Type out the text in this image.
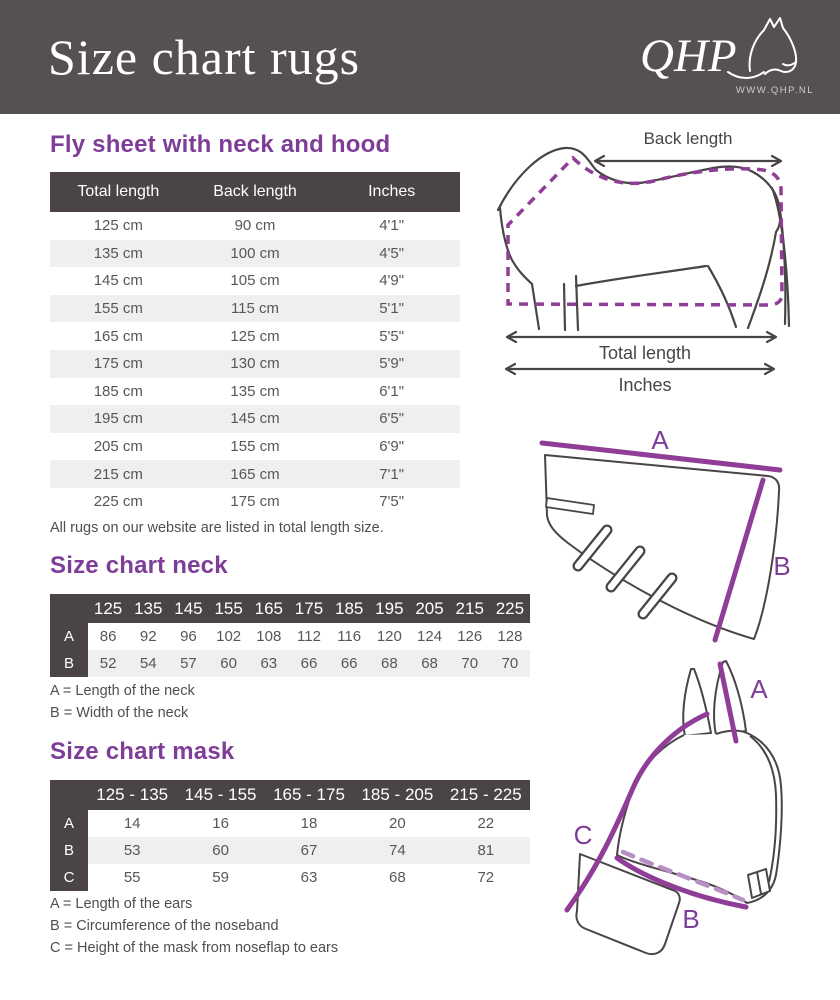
Size chart rugs	QHP
WWW.QHP.NL
Fly sheet with neck and hood
Total length	Back length	Inches
125 cm	90 cm	4'1"
135 cm	100 cm	4'5"
145 cm	105 cm	4'9"
155 cm	115 cm	5'1"
165 cm	125 cm	5'5"
175 cm	130 cm	5'9"
185 cm	135 cm	6'1"
195 cm	145 cm	6'5"
205 cm	155 cm	6'9"
215 cm	165 cm	7'1"
225 cm	175 cm	7'5"
All rugs on our website are listed in total length size.
Size chart neck
125 135 145 155 165 175 185 195 205 215 225
A	86	92	96	102	108	112	116	120	124	126	128
B	52	54	57	60	63	66	66	68	68	70	70
A = Length of the neck
B = Width of the neck
Size chart mask
125 - 135 145 - 155 165 - 175 185 - 205 215 - 225
A	14	16	18	20	22
B	53	60	67	74	81
C	55	59	63	68	72
A = Length of the ears
B = Circumference of the noseband
C = Height of the mask from noseflap to ears
Back length
Total length
Inches
A
B
A
C
B
